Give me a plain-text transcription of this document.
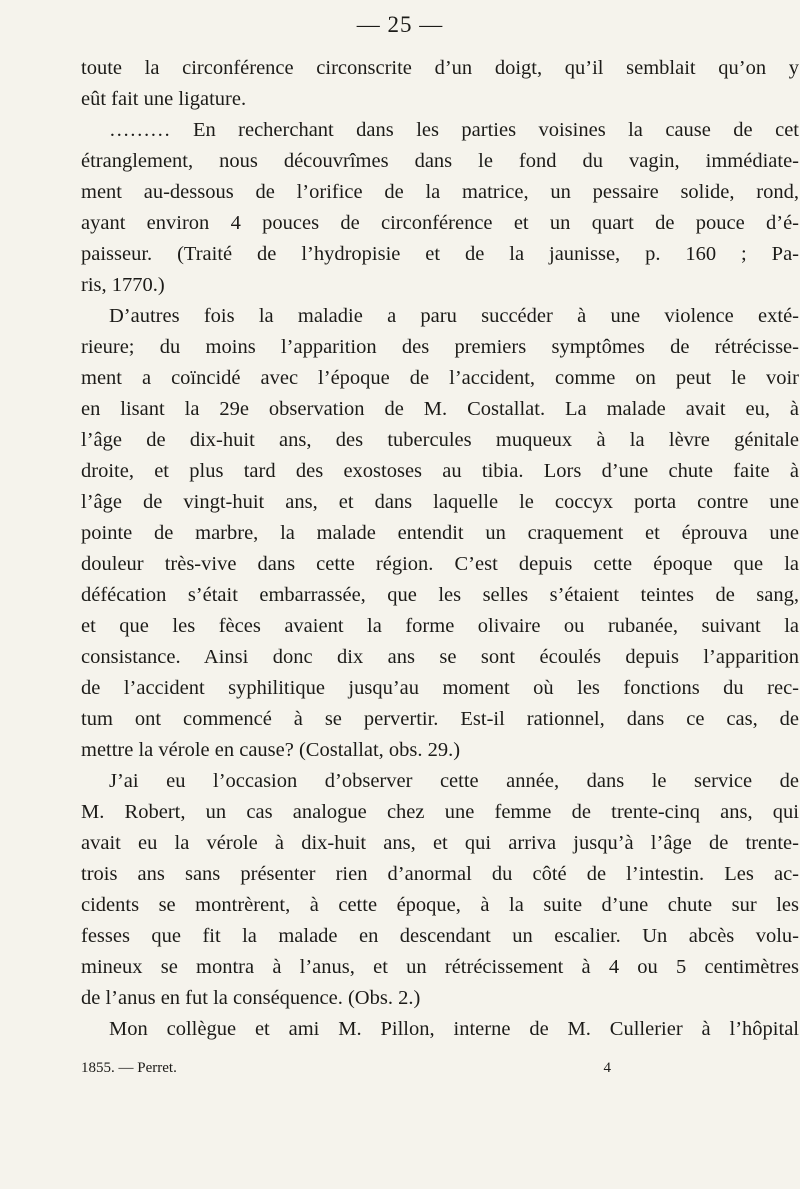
— 25 —
toute la circonférence circonscrite d’un doigt, qu’il semblait qu’on y
eût fait une ligature.
……… En recherchant dans les parties voisines la cause de cet
étranglement, nous découvrîmes dans le fond du vagin, immédiate-
ment au-dessous de l’orifice de la matrice, un pessaire solide, rond,
ayant environ 4 pouces de circonférence et un quart de pouce d’é-
paisseur. (Traité de l’hydropisie et de la jaunisse, p. 160 ; Pa-
ris, 1770.)
D’autres fois la maladie a paru succéder à une violence exté-
rieure; du moins l’apparition des premiers symptômes de rétrécisse-
ment a coïncidé avec l’époque de l’accident, comme on peut le voir
en lisant la 29e observation de M. Costallat. La malade avait eu, à
l’âge de dix-huit ans, des tubercules muqueux à la lèvre génitale
droite, et plus tard des exostoses au tibia. Lors d’une chute faite à
l’âge de vingt-huit ans, et dans laquelle le coccyx porta contre une
pointe de marbre, la malade entendit un craquement et éprouva une
douleur très-vive dans cette région. C’est depuis cette époque que la
défécation s’était embarrassée, que les selles s’étaient teintes de sang,
et que les fèces avaient la forme olivaire ou rubanée, suivant la
consistance. Ainsi donc dix ans se sont écoulés depuis l’apparition
de l’accident syphilitique jusqu’au moment où les fonctions du rec-
tum ont commencé à se pervertir. Est-il rationnel, dans ce cas, de
mettre la vérole en cause? (Costallat, obs. 29.)
J’ai eu l’occasion d’observer cette année, dans le service de
M. Robert, un cas analogue chez une femme de trente-cinq ans, qui
avait eu la vérole à dix-huit ans, et qui arriva jusqu’à l’âge de trente-
trois ans sans présenter rien d’anormal du côté de l’intestin. Les ac-
cidents se montrèrent, à cette époque, à la suite d’une chute sur les
fesses que fit la malade en descendant un escalier. Un abcès volu-
mineux se montra à l’anus, et un rétrécissement à 4 ou 5 centimètres
de l’anus en fut la conséquence. (Obs. 2.)
Mon collègue et ami M. Pillon, interne de M. Cullerier à l’hôpital
1855. — Perret.	4
